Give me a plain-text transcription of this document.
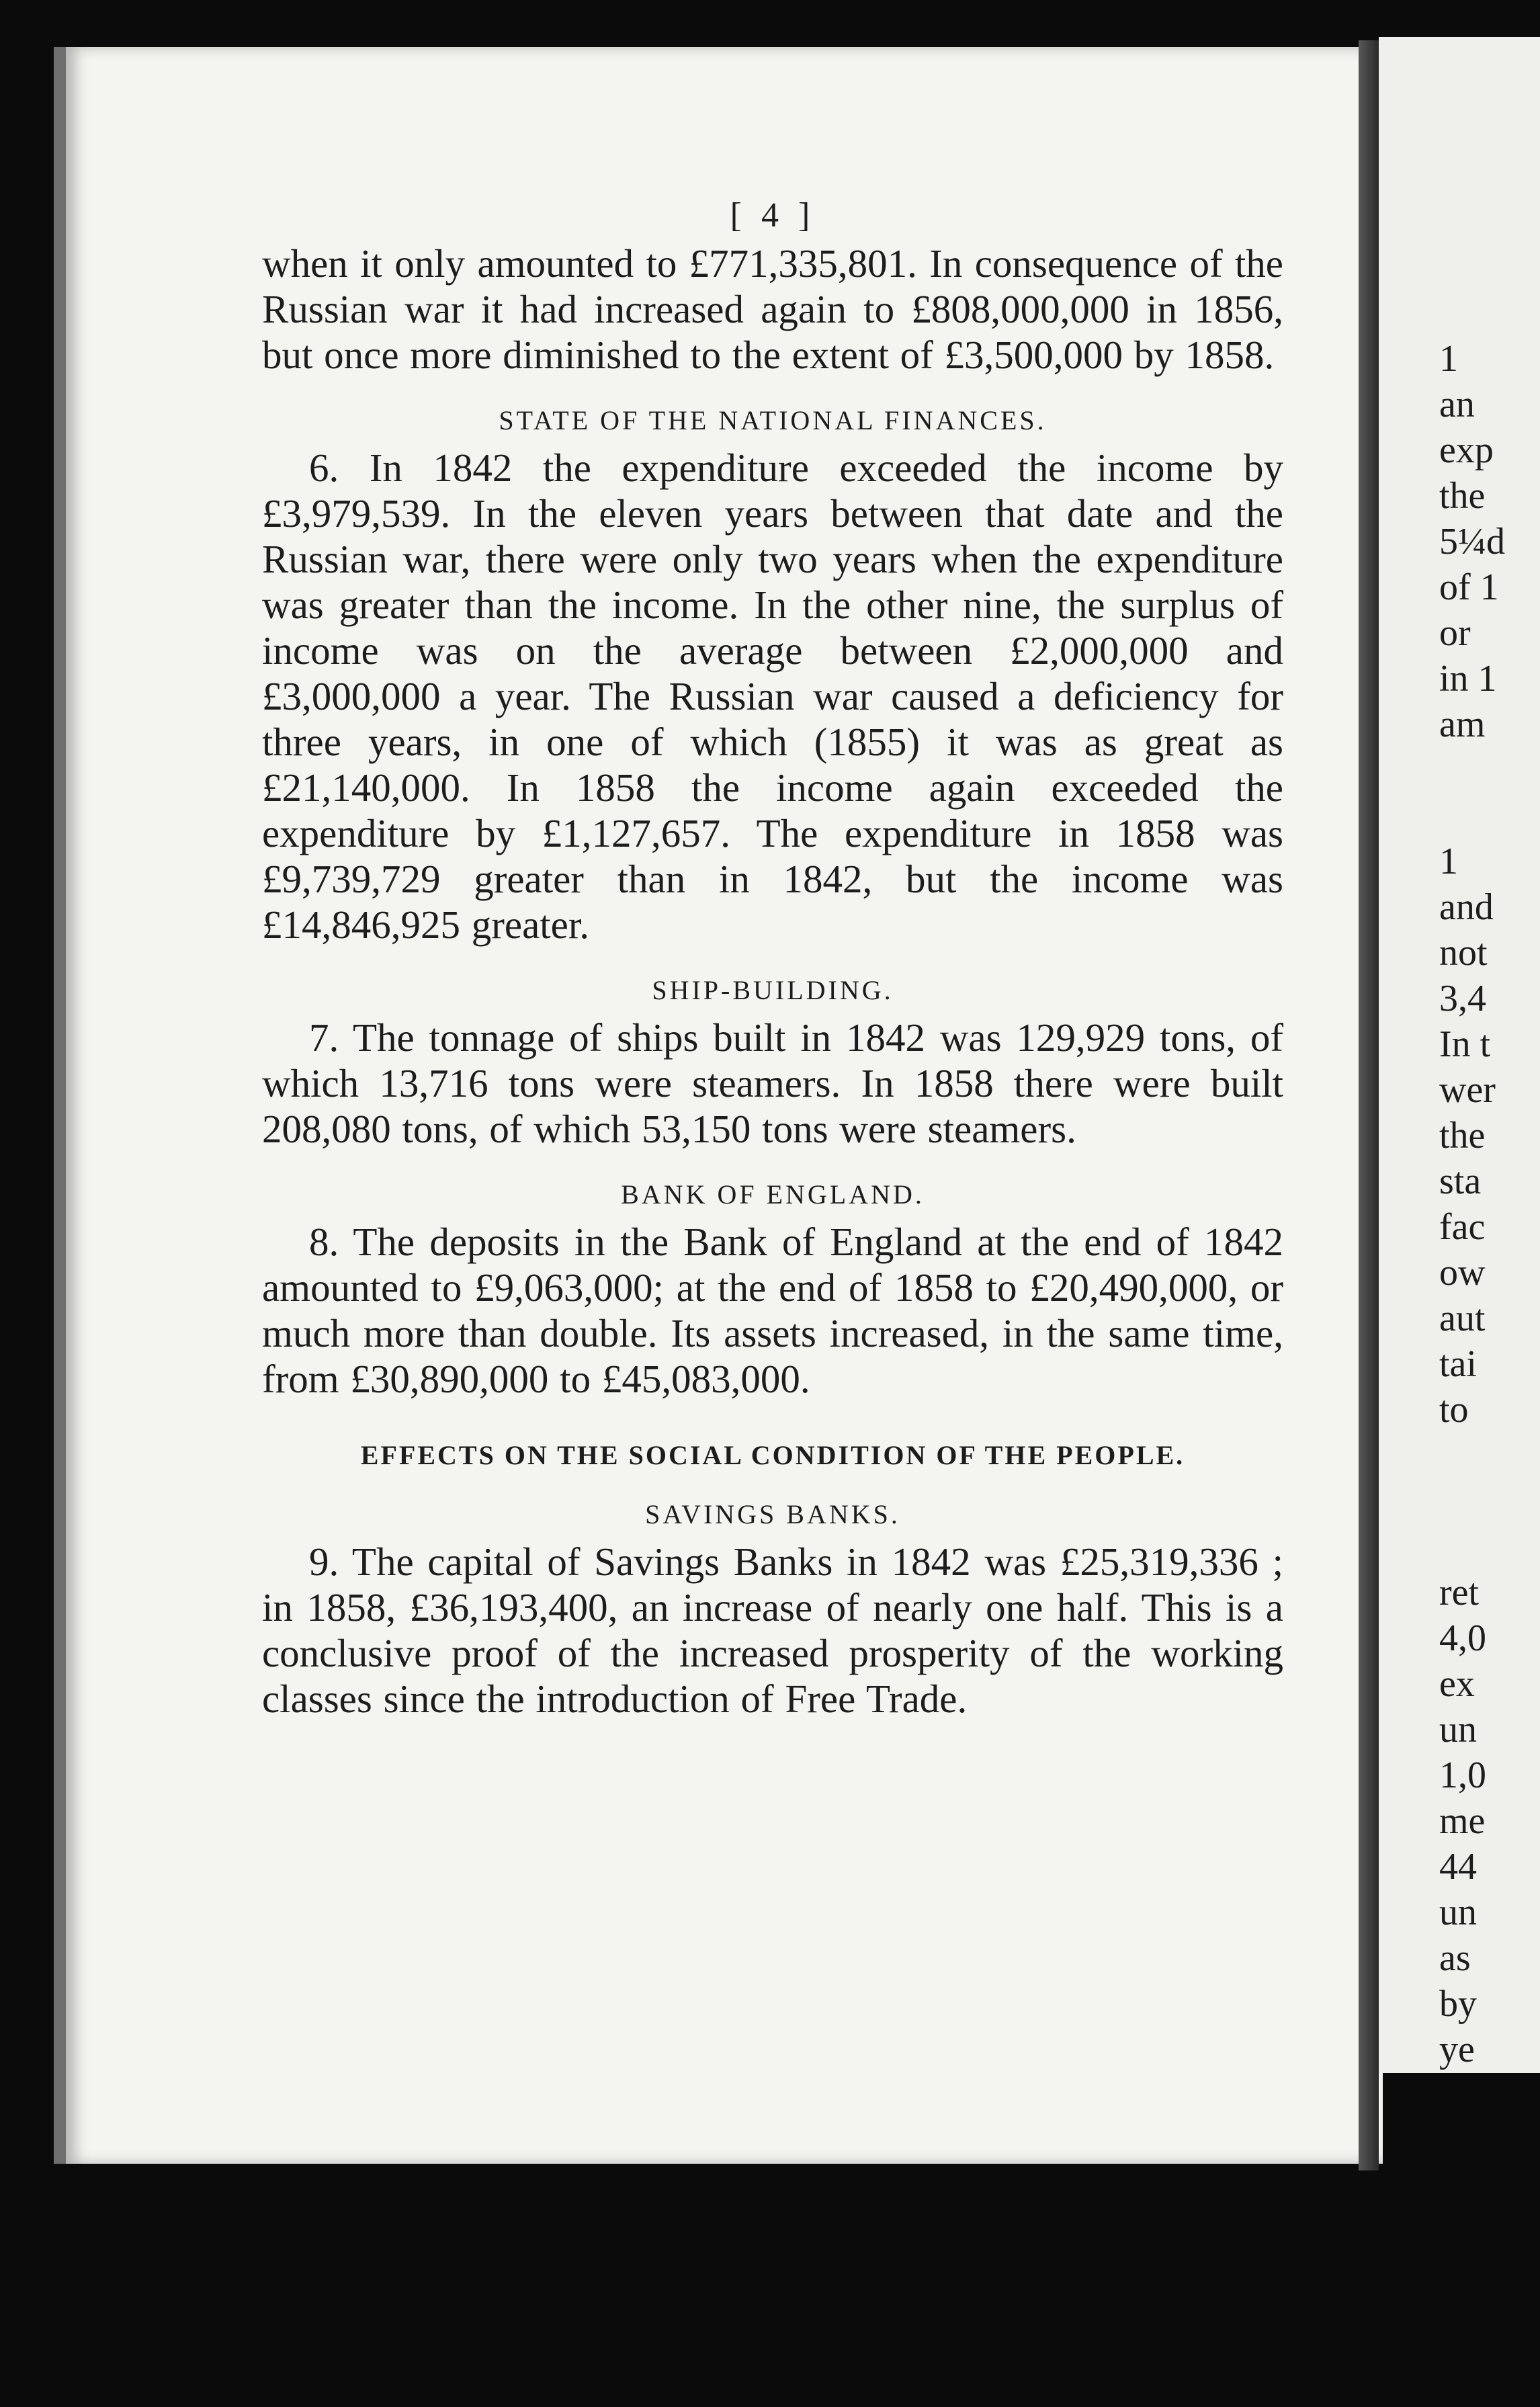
[ 4 ]

when it only amounted to £771,335,801. In consequence of the Russian war it had increased again to £808,000,000 in 1856, but once more diminished to the extent of £3,500,000 by 1858.

STATE OF THE NATIONAL FINANCES.

6. In 1842 the expenditure exceeded the income by £3,979,539. In the eleven years between that date and the Russian war, there were only two years when the expenditure was greater than the income. In the other nine, the surplus of income was on the average between £2,000,000 and £3,000,000 a year. The Russian war caused a deficiency for three years, in one of which (1855) it was as great as £21,140,000. In 1858 the income again exceeded the expenditure by £1,127,657. The expenditure in 1858 was £9,739,729 greater than in 1842, but the income was £14,846,925 greater.

SHIP-BUILDING.

7. The tonnage of ships built in 1842 was 129,929 tons, of which 13,716 tons were steamers. In 1858 there were built 208,080 tons, of which 53,150 tons were steamers.

BANK OF ENGLAND.

8. The deposits in the Bank of England at the end of 1842 amounted to £9,063,000; at the end of 1858 to £20,490,000, or much more than double. Its assets increased, in the same time, from £30,890,000 to £45,083,000.

EFFECTS ON THE SOCIAL CONDITION OF THE PEOPLE.
SAVINGS BANKS.

9. The capital of Savings Banks in 1842 was £25,319,336 ; in 1858, £36,193,400, an increase of nearly one half. This is a conclusive proof of the increased prosperity of the working classes since the introduction of Free Trade.

1
an
exp
the
5¼d
of 1
or
in 1
am

1
and
not
3,4
In t
wer
the
sta
fac
ow
aut
tai
to

ret
4,0
ex
un
1,0
me
44
un
as
by
ye
